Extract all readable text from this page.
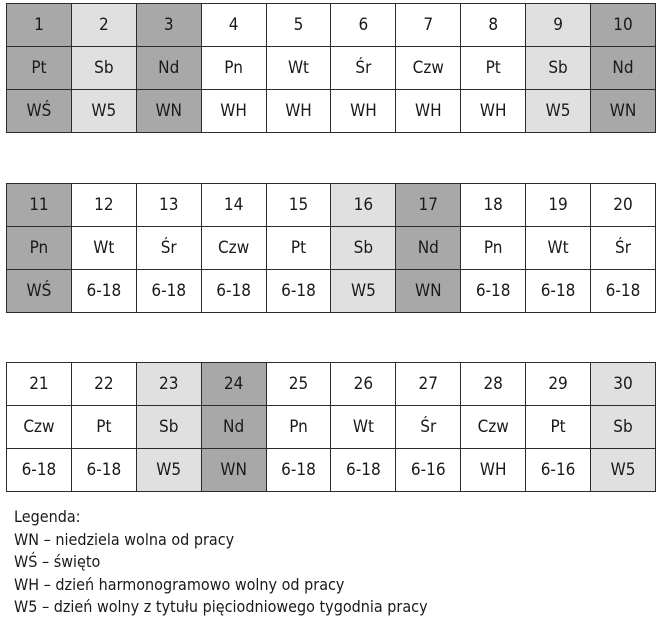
1	2	3	4	5	6	7	8	9	10
Pt	Sb	Nd	Pn	Wt	Śr	Czw	Pt	Sb	Nd
WŚ	W5	WN	WH	WH	WH	WH	WH	W5	WN
11	12	13	14	15	16	17	18	19	20
Pn	Wt	Śr	Czw	Pt	Sb	Nd	Pn	Wt	Śr
WŚ	6-18	6-18	6-18	6-18	W5	WN	6-18	6-18	6-18
21	22	23	24	25	26	27	28	29	30
Czw	Pt	Sb	Nd	Pn	Wt	Śr	Czw	Pt	Sb
6-18	6-18	W5	WN	6-18	6-18	6-16	WH	6-16	W5
Legenda:
WN – niedziela wolna od pracy
WŚ – święto
WH – dzień harmonogramowo wolny od pracy
W5 – dzień wolny z tytułu pięciodniowego tygodnia pracy
